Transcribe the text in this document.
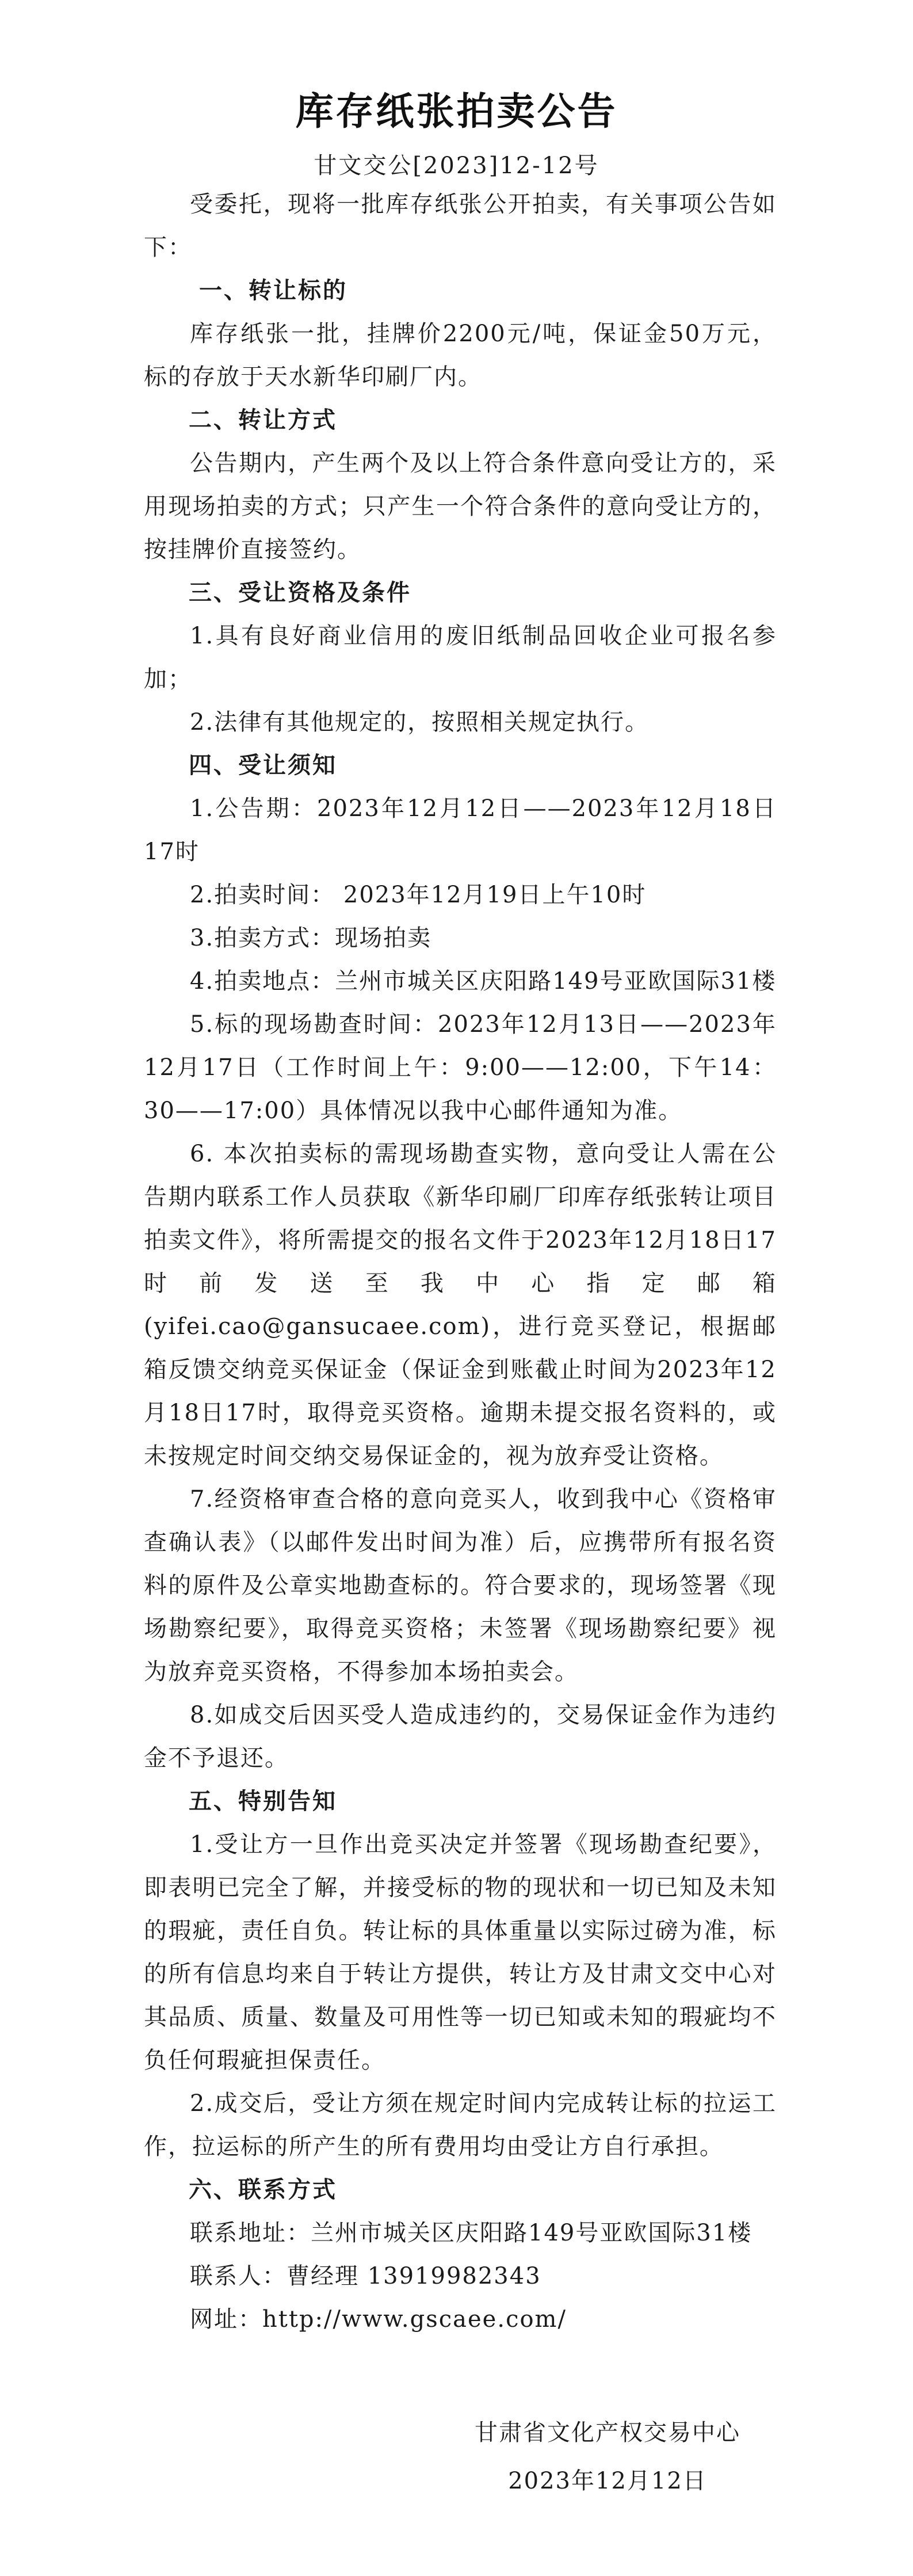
库存纸张拍卖公告
甘文交公[2023]12-12号

受委托，现将一批库存纸张公开拍卖，有关事项公告如下：

一、转让标的

库存纸张一批，挂牌价2200元/吨，保证金50万元，标的存放于天水新华印刷厂内。

二、转让方式

公告期内，产生两个及以上符合条件意向受让方的，采用现场拍卖的方式；只产生一个符合条件的意向受让方的，按挂牌价直接签约。

三、受让资格及条件

1.具有良好商业信用的废旧纸制品回收企业可报名参加；

2.法律有其他规定的，按照相关规定执行。

四、受让须知

1.公告期：2023年12月12日——2023年12月18日17时

2.拍卖时间： 2023年12月19日上午10时

3.拍卖方式：现场拍卖

4.拍卖地点：兰州市城关区庆阳路149号亚欧国际31楼

5.标的现场勘查时间：2023年12月13日——2023年12月17日（工作时间上午：9:00——12:00，下午14：30——17:00）具体情况以我中心邮件通知为准。

6. 本次拍卖标的需现场勘查实物，意向受让人需在公告期内联系工作人员获取《新华印刷厂印库存纸张转让项目拍卖文件》，将所需提交的报名文件于2023年12月18日17时前发送至我中心指定邮箱(yifei.cao@gansucaee.com)，进行竞买登记，根据邮箱反馈交纳竞买保证金（保证金到账截止时间为2023年12月18日17时，取得竞买资格。逾期未提交报名资料的，或未按规定时间交纳交易保证金的，视为放弃受让资格。

7.经资格审查合格的意向竞买人，收到我中心《资格审查确认表》（以邮件发出时间为准）后，应携带所有报名资料的原件及公章实地勘查标的。符合要求的，现场签署《现场勘察纪要》，取得竞买资格；未签署《现场勘察纪要》视为放弃竞买资格，不得参加本场拍卖会。

8.如成交后因买受人造成违约的，交易保证金作为违约金不予退还。

五、特别告知

1.受让方一旦作出竞买决定并签署《现场勘查纪要》，即表明已完全了解，并接受标的物的现状和一切已知及未知的瑕疵，责任自负。转让标的具体重量以实际过磅为准，标的所有信息均来自于转让方提供，转让方及甘肃文交中心对其品质、质量、数量及可用性等一切已知或未知的瑕疵均不负任何瑕疵担保责任。

2.成交后，受让方须在规定时间内完成转让标的拉运工作，拉运标的所产生的所有费用均由受让方自行承担。

六、联系方式

联系地址：兰州市城关区庆阳路149号亚欧国际31楼

联系人：曹经理 13919982343

网址：http://www.gscaee.com/

甘肃省文化产权交易中心
2023年12月12日
